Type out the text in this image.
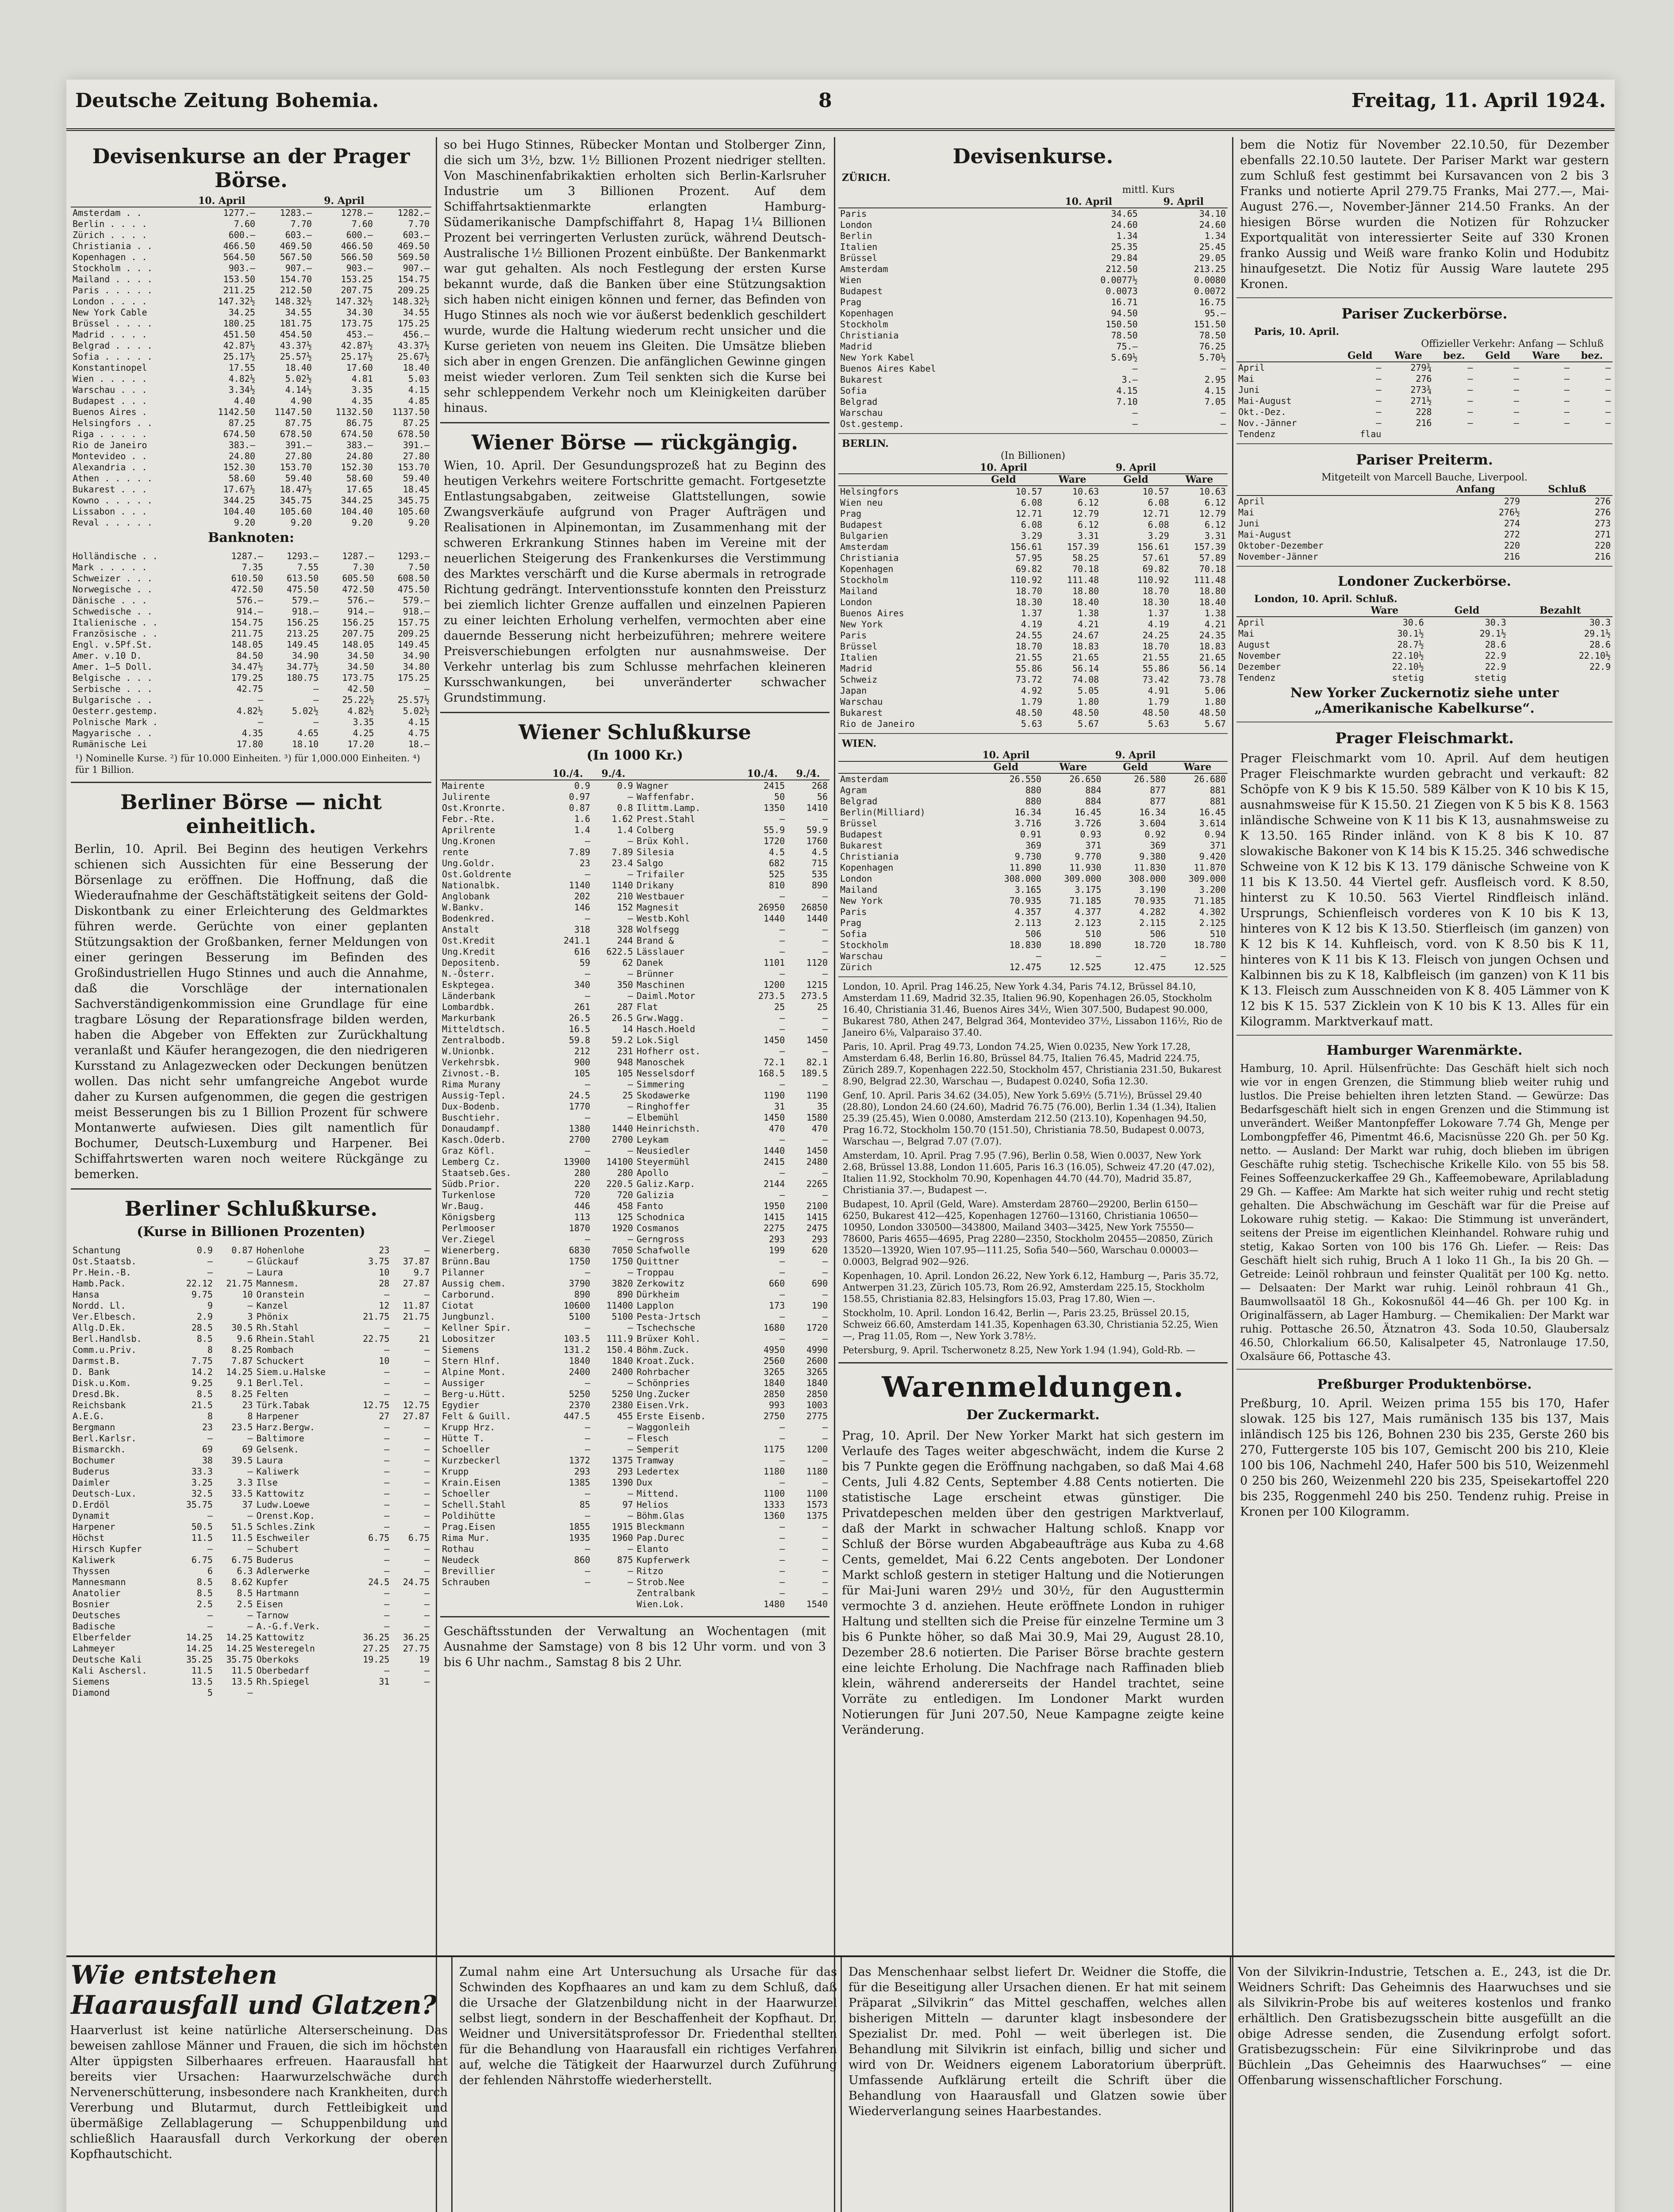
Deutsche Zeitung Bohemia.	8	Freitag, 11. April 1924.
Devisenkurse an der Prager Börse.
	10. April		9. April	
Amsterdam . .	1277.—	1283.—	1278.—	1282.—
Berlin . . . .	7.60	7.70	7.60	7.70
Zürich . . . .	600.—	603.—	600.—	603.—
Christiania . .	466.50	469.50	466.50	469.50
Kopenhagen . .	564.50	567.50	566.50	569.50
Stockholm . . .	903.—	907.—	903.—	907.—
Mailand . . . .	153.50	154.70	153.25	154.75
Paris . . . . .	211.25	212.50	207.75	209.25
London . . . .	147.32½	148.32½	147.32½	148.32½
New York Cable	34.25	34.55	34.30	34.55
Brüssel . . . .	180.25	181.75	173.75	175.25
Madrid . . . .	451.50	454.50	453.—	456.—
Belgrad . . . .	42.87½	43.37½	42.87½	43.37½
Sofia . . . . .	25.17½	25.57½	25.17½	25.67½
Konstantinopel	17.55	18.40	17.60	18.40
Wien . . . . .	4.82½	5.02½	4.81	5.03
Warschau . . .	3.34½	4.14½	3.35	4.15
Budapest . . .	4.40	4.90	4.35	4.85
Buenos Aires .	1142.50	1147.50	1132.50	1137.50
Helsingfors . .	87.25	87.75	86.75	87.25
Riga . . . . .	674.50	678.50	674.50	678.50
Rio de Janeiro	383.—	391.—	383.—	391.—
Montevideo . .	24.80	27.80	24.80	27.80
Alexandria . .	152.30	153.70	152.30	153.70
Athen . . . . .	58.60	59.40	58.60	59.40
Bukarest . . .	17.67½	18.47½	17.65	18.45
Kowno . . . . .	344.25	345.75	344.25	345.75
Lissabon . . .	104.40	105.60	104.40	105.60
Reval . . . . .	9.20	9.20	9.20	9.20
Banknoten:
Holländische . .	1287.—	1293.—	1287.—	1293.—
Mark . . . . .	7.35	7.55	7.30	7.50
Schweizer . . .	610.50	613.50	605.50	608.50
Norwegische . .	472.50	475.50	472.50	475.50
Dänische . . .	576.—	579.—	576.—	579.—
Schwedische . .	914.—	918.—	914.—	918.—
Italienische . .	154.75	156.25	156.25	157.75
Französische . .	211.75	213.25	207.75	209.25
Engl. v.5Pf.St.	148.05	149.45	148.05	149.45
Amer. v.10 D.	84.50	34.90	34.50	34.90
Amer. 1—5 Doll.	34.47½	34.77½	34.50	34.80
Belgische . . .	179.25	180.75	173.75	175.25
Serbische . . .	42.75	—	42.50	—
Bulgarische . .	—	—	25.22½	25.57½
Oesterr.gestemp.	4.82½	5.02½	4.82½	5.02½
Polnische Mark .	—	—	3.35	4.15
Magyarische . .	4.35	4.65	4.25	4.75
Rumänische Lei	17.80	18.10	17.20	18.—
¹) Nominelle Kurse. ²) für 10.000 Einheiten. ³) für 1,000.000 Einheiten. ⁴) für 1 Billion.
Berliner Börse — nicht einheitlich.
Berlin, 10. April. Bei Beginn des heutigen Verkehrs schienen sich Aussichten für eine Besserung der Börsenlage zu eröffnen. Die Hoffnung, daß die Wiederaufnahme der Geschäftstätigkeit seitens der Gold-Diskontbank zu einer Erleichterung des Geldmarktes führen werde. Gerüchte von einer geplanten Stützungsaktion der Großbanken, ferner Meldungen von einer geringen Besserung im Befinden des Großindustriellen Hugo Stinnes und auch die Annahme, daß die Vorschläge der internationalen Sachverständigenkommission eine Grundlage für eine tragbare Lösung der Reparationsfrage bilden werden, haben die Abgeber von Effekten zur Zurückhaltung veranlaßt und Käufer herangezogen, die den niedrigeren Kursstand zu Anlagezwecken oder Deckungen benützen wollen. Das nicht sehr umfangreiche Angebot wurde daher zu Kursen aufgenommen, die gegen die gestrigen meist Besserungen bis zu 1 Billion Prozent für schwere Montanwerte aufwiesen. Dies gilt namentlich für Bochumer, Deutsch-Luxemburg und Harpener. Bei Schiffahrtswerten waren noch weitere Rückgänge zu bemerken.
Berliner Schlußkurse.
(Kurse in Billionen Prozenten)
Schantung	0.9	0.87	Hohenlohe	23	—
Ost.Staatsb.	—	—	Glückauf	3.75	37.87
Pr.Hein.-B.	—	—	Laura	10	9.7
Hamb.Pack.	22.12	21.75	Mannesm.	28	27.87
Hansa	9.75	10	Oranstein	—	—
Nordd. Ll.	9	—	Kanzel	12	11.87
Ver.Elbesch.	2.9	3	Phönix	21.75	21.75
Allg.D.Ek.	28.5	30.5	Rh.Stahl	—	—
Berl.Handlsb.	8.5	9.6	Rhein.Stahl	22.75	21
Comm.u.Priv.	8	8.25	Rombach	—	—
Darmst.B.	7.75	7.87	Schuckert	10	—
D. Bank	14.2	14.25	Siem.u.Halske	—	—
Disk.u.Kom.	9.25	9.1	Berl.Tel.	—	—
Dresd.Bk.	8.5	8.25	Felten	—	—
Reichsbank	21.5	23	Türk.Tabak	12.75	12.75
A.E.G.	8	8	Harpener	27	27.87
Bergmann	23	23.5	Harz.Bergw.	—	—
Berl.Karlsr.	—	—	Baltimore	—	—
Bismarckh.	69	69	Gelsenk.	—	—
Bochumer	38	39.5	Laura	—	—
Buderus	33.3	—	Kaliwerk	—	—
Daimler	3.25	3.3	Ilse	—	—
Deutsch-Lux.	32.5	33.5	Kattowitz	—	—
D.Erdöl	35.75	37	Ludw.Loewe	—	—
Dynamit	—	—	Orenst.Kop.	—	—
Harpener	50.5	51.5	Schles.Zink	—	—
Höchst	11.5	11.5	Eschweiler	6.75	6.75
Hirsch Kupfer	—	—	Schubert	—	—
Kaliwerk	6.75	6.75	Buderus	—	—
Thyssen	6	6.3	Adlerwerke	—	—
Mannesmann	8.5	8.62	Kupfer	24.5	24.75
Anatolier	8.5	8.5	Hartmann	—	—
Bosnier	2.5	2.5	Eisen	—	—
Deutsches	—	—	Tarnow	—	—
Badische	—	—	A.-G.f.Verk.	—	—
Elberfelder	14.25	14.25	Kattowitz	36.25	36.25
Lahmeyer	14.25	14.25	Westeregeln	27.25	27.75
Deutsche Kali	35.25	35.75	Oberkoks	19.25	19
Kali Aschersl.	11.5	11.5	Oberbedarf	—	—
Siemens	13.5	13.5	Rh.Spiegel	31	—
Diamond	5	—			
so bei Hugo Stinnes, Rübecker Montan und Stolberger Zinn, die sich um 3½, bzw. 1½ Billionen Prozent niedriger stellten. Von Maschinenfabrikaktien erholten sich Berlin-Karlsruher Industrie um 3 Billionen Prozent. Auf dem Schiffahrtsaktienmarkte erlangten Hamburg-Südamerikanische Dampfschiffahrt 8, Hapag 1¼ Billionen Prozent bei verringerten Verlusten zurück, während Deutsch-Australische 1½ Billionen Prozent einbüßte. Der Bankenmarkt war gut gehalten. Als noch Festlegung der ersten Kurse bekannt wurde, daß die Banken über eine Stützungsaktion sich haben nicht einigen können und ferner, das Befinden von Hugo Stinnes als noch wie vor äußerst bedenklich geschildert wurde, wurde die Haltung wiederum recht unsicher und die Kurse gerieten von neuem ins Gleiten. Die Umsätze blieben sich aber in engen Grenzen. Die anfänglichen Gewinne gingen meist wieder verloren. Zum Teil senkten sich die Kurse bei sehr schleppendem Verkehr noch um Kleinigkeiten darüber hinaus.
Wiener Börse — rückgängig.
Wien, 10. April. Der Gesundungsprozeß hat zu Beginn des heutigen Verkehrs weitere Fortschritte gemacht. Fortgesetzte Entlastungsabgaben, zeitweise Glattstellungen, sowie Zwangsverkäufe aufgrund von Prager Aufträgen und Realisationen in Alpinemontan, im Zusammenhang mit der schweren Erkrankung Stinnes haben im Vereine mit der neuerlichen Steigerung des Frankenkurses die Verstimmung des Marktes verschärft und die Kurse abermals in retrograde Richtung gedrängt. Interventionsstufe konnten den Preissturz bei ziemlich lichter Grenze auffallen und einzelnen Papieren zu einer leichten Erholung verhelfen, vermochten aber eine dauernde Besserung nicht herbeizuführen; mehrere weitere Preisverschiebungen erfolgten nur ausnahmsweise. Der Verkehr unterlag bis zum Schlusse mehrfachen kleineren Kursschwankungen, bei unveränderter schwacher Grundstimmung.
Wiener Schlußkurse
(In 1000 Kr.)
	10./4.	9./4.		10./4.	9./4.
Mairente	0.9	0.9	Wagner	2415	268
Julirente	0.97	—	Waffenfabr.	50	56
Ost.Kronrte.	0.87	0.8	Ilittm.Lamp.	1350	1410
Febr.-Rte.	1.6	1.62	Prest.Stahl	—	—
Aprilrente	1.4	1.4	Colberg	55.9	59.9
Ung.Kronen	—	—	Brüx Kohl.	1720	1760
rente	7.89	7.89	Silesia	4.5	4.5
Ung.Goldr.	23	23.4	Salgo	682	715
Ost.Goldrente	—	—	Trifailer	525	535
Nationalbk.	1140	1140	Drikany	810	890
Anglobank	202	210	Westbauer	—	—
W.Bankv.	146	152	Magnesit	26950	26850
Bodenkred.	—	—	Westb.Kohl	1440	1440
Anstalt	318	328	Wolfsegg	—	—
Ost.Kredit	241.1	244	Brand &	—	—
Ung.Kredit	616	622.5	Lässlauer	—	—
Depositenb.	59	62	Danek	1101	1120
N.-Österr.	—	—	Brünner	—	—
Eskptegea.	340	350	Maschinen	1200	1215
Länderbank	—	—	Daiml.Motor	273.5	273.5
Lombardbk.	261	287	Flat	25	25
Markurbank	26.5	26.5	Grw.Wagg.	—	—
Mitteldtsch.	16.5	14	Hasch.Hoeld	—	—
Zentralbodb.	59.8	59.2	Lok.Sigl	1450	1450
W.Unionbk.	212	231	Hofherr ost.	—	—
Verkehrsbk.	900	948	Manoschek	72.1	82.1
Zivnost.-B.	105	105	Nesselsdorf	168.5	189.5
Rima Murany	—	—	Simmering	—	—
Aussig-Tepl.	24.5	25	Skodawerke	1190	1190
Dux-Bodenb.	1770	—	Ringhoffer	31	35
Buschtiehr.	—	—	Elbemühl	1450	1580
Donaudampf.	1380	1440	Heinrichsth.	470	470
Kasch.Oderb.	2700	2700	Leykam	—	—
Graz Köfl.	—	—	Neusiedler	1440	1450
Lemberg Cz.	13900	14100	Steyermühl	2415	2480
Staatseb.Ges.	280	280	Apollo	—	—
Südb.Prior.	220	220.5	Galiz.Karp.	2144	2265
Turkenlose	720	720	Galizia	—	—
Wr.Baug.	446	458	Fanto	1950	2100
Königsberg	113	125	Schodnica	1415	1415
Perlmooser	1870	1920	Cosmanos	2275	2475
Ver.Ziegel	—	—	Gerngross	293	293
Wienerberg.	6830	7050	Schafwolle	199	620
Brünn.Bau	1750	1750	Quittner	—	—
Pilanner	—	—	Troppau	—	—
Aussig chem.	3790	3820	Zerkowitz	660	690
Carborund.	890	890	Dürkheim	—	—
Ciotat	10600	11400	Lapplon	173	190
Jungbunzl.	5100	5100	Pesta-Jrtsch	—	—
Kellner Spir.	—	—	Tschechsche	1680	1720
Lobositzer	103.5	111.9	Brüxer Kohl.	—	—
Siemens	131.2	150.4	Böhm.Zuck.	4950	4990
Stern Hlnf.	1840	1840	Kroat.Zuck.	2560	2600
Alpine Mont.	2400	2400	Rohrbacher	3265	3265
Aussiger	—	—	Schönpries	1840	1840
Berg-u.Hütt.	5250	5250	Ung.Zucker	2850	2850
Egydier	2370	2380	Eisen.Vrk.	993	1003
Felt & Guill.	447.5	455	Erste Eisenb.	2750	2775
Krupp Hrz.	—	—	Waggonleih	—	—
Hütte T.	—	—	Flesch	—	—
Schoeller	—	—	Semperit	1175	1200
Kurzbeckerl	1372	1375	Tramway	—	—
Krupp	293	293	Ledertex	1180	1180
Krain.Eisen	1385	1390	Dux	—	—
Schoeller	—	—	Mittend.	1100	1100
Schell.Stahl	85	97	Helios	1333	1573
Poldihütte	—	—	Böhm.Glas	1360	1375
Prag.Eisen	1855	1915	Bleckmann	—	—
Rima Mur.	1935	1960	Pap.Durec	—	—
Rothau	—	—	Elanto	—	—
Neudeck	860	875	Kupferwerk	—	—
Brevillier	—	—	Ritzo	—	—
Schrauben	—	—	Strob.Nee	—	—
			Zentralbank	—	—
			Wien.Lok.	1480	1540
Geschäftsstunden der Verwaltung an Wochentagen (mit Ausnahme der Samstage) von 8 bis 12 Uhr vorm. und von 3 bis 6 Uhr nachm., Samstag 8 bis 2 Uhr.
Devisenkurse.
ZÜRICH.
mittl. Kurs
	10. April	9. April
Paris	34.65	34.10
London	24.60	24.60
Berlin	1.34	1.34
Italien	25.35	25.45
Brüssel	29.84	29.05
Amsterdam	212.50	213.25
Wien	0.0077½	0.0080
Budapest	0.0073	0.0072
Prag	16.71	16.75
Kopenhagen	94.50	95.—
Stockholm	150.50	151.50
Christiania	78.50	78.50
Madrid	75.—	76.25
New York Kabel	5.69½	5.70½
Buenos Aires Kabel	—	—
Bukarest	3.—	2.95
Sofia	4.15	4.15
Belgrad	7.10	7.05
Warschau	—	—
Ost.gestemp.	—	—
BERLIN.
(In Billionen)
	10. April		9. April	
	Geld	Ware	Geld	Ware
Helsingfors	10.57	10.63	10.57	10.63
Wien neu	6.08	6.12	6.08	6.12
Prag	12.71	12.79	12.71	12.79
Budapest	6.08	6.12	6.08	6.12
Bulgarien	3.29	3.31	3.29	3.31
Amsterdam	156.61	157.39	156.61	157.39
Christiania	57.95	58.25	57.61	57.89
Kopenhagen	69.82	70.18	69.82	70.18
Stockholm	110.92	111.48	110.92	111.48
Mailand	18.70	18.80	18.70	18.80
London	18.30	18.40	18.30	18.40
Buenos Aires	1.37	1.38	1.37	1.38
New York	4.19	4.21	4.19	4.21
Paris	24.55	24.67	24.25	24.35
Brüssel	18.70	18.83	18.70	18.83
Italien	21.55	21.65	21.55	21.65
Madrid	55.86	56.14	55.86	56.14
Schweiz	73.72	74.08	73.42	73.78
Japan	4.92	5.05	4.91	5.06
Warschau	1.79	1.80	1.79	1.80
Bukarest	48.50	48.50	48.50	48.50
Rio de Janeiro	5.63	5.67	5.63	5.67
WIEN.
	10. April		9. April	
	Geld	Ware	Geld	Ware
Amsterdam	26.550	26.650	26.580	26.680
Agram	880	884	877	881
Belgrad	880	884	877	881
Berlin(Milliard)	16.34	16.45	16.34	16.45
Brüssel	3.716	3.726	3.604	3.614
Budapest	0.91	0.93	0.92	0.94
Bukarest	369	371	369	371
Christiania	9.730	9.770	9.380	9.420
Kopenhagen	11.890	11.930	11.830	11.870
London	308.000	309.000	308.000	309.000
Mailand	3.165	3.175	3.190	3.200
New York	70.935	71.185	70.935	71.185
Paris	4.357	4.377	4.282	4.302
Prag	2.113	2.123	2.115	2.125
Sofia	506	510	506	510
Stockholm	18.830	18.890	18.720	18.780
Warschau	—	—	—	—
Zürich	12.475	12.525	12.475	12.525
London, 10. April. Prag 146.25, New York 4.34, Paris 74.12, Brüssel 84.10, Amsterdam 11.69, Madrid 32.35, Italien 96.90, Kopenhagen 26.05, Stockholm 16.40, Christiania 31.46, Buenos Aires 34½, Wien 307.500, Budapest 90.000, Bukarest 780, Athen 247, Belgrad 364, Montevideo 37½, Lissabon 116½, Rio de Janeiro 6⅛, Valparaiso 37.40.
Paris, 10. April. Prag 49.73, London 74.25, Wien 0.0235, New York 17.28, Amsterdam 6.48, Berlin 16.80, Brüssel 84.75, Italien 76.45, Madrid 224.75, Zürich 289.7, Kopenhagen 222.50, Stockholm 457, Christiania 231.50, Bukarest 8.90, Belgrad 22.30, Warschau —, Budapest 0.0240, Sofia 12.30.
Genf, 10. April. Paris 34.62 (34.05), New York 5.69½ (5.71½), Brüssel 29.40 (28.80), London 24.60 (24.60), Madrid 76.75 (76.00), Berlin 1.34 (1.34), Italien 25.39 (25.45), Wien 0.0080, Amsterdam 212.50 (213.10), Kopenhagen 94.50, Prag 16.72, Stockholm 150.70 (151.50), Christiania 78.50, Budapest 0.0073, Warschau —, Belgrad 7.07 (7.07).
Amsterdam, 10. April. Prag 7.95 (7.96), Berlin 0.58, Wien 0.0037, New York 2.68, Brüssel 13.88, London 11.605, Paris 16.3 (16.05), Schweiz 47.20 (47.02), Italien 11.92, Stockholm 70.90, Kopenhagen 44.70 (44.70), Madrid 35.87, Christiania 37.—, Budapest —.
Budapest, 10. April (Geld, Ware). Amsterdam 28760—29200, Berlin 6150—6250, Bukarest 412—425, Kopenhagen 12760—13160, Christiania 10650—10950, London 330500—343800, Mailand 3403—3425, New York 75550—78600, Paris 4655—4695, Prag 2280—2350, Stockholm 20455—20850, Zürich 13520—13920, Wien 107.95—111.25, Sofia 540—560, Warschau 0.00003—0.0003, Belgrad 902—926.
Kopenhagen, 10. April. London 26.22, New York 6.12, Hamburg —, Paris 35.72, Antwerpen 31.23, Zürich 105.73, Rom 26.92, Amsterdam 225.15, Stockholm 158.55, Christiania 82.83, Helsingfors 15.03, Prag 17.80, Wien —.
Stockholm, 10. April. London 16.42, Berlin —, Paris 23.25, Brüssel 20.15, Schweiz 66.60, Amsterdam 141.35, Kopenhagen 63.30, Christiania 52.25, Wien —, Prag 11.05, Rom —, New York 3.78½.
Petersburg, 9. April. Tscherwonetz 8.25, New York 1.94 (1.94), Gold-Rb. —
Warenmeldungen.
Der Zuckermarkt.
Prag, 10. April. Der New Yorker Markt hat sich gestern im Verlaufe des Tages weiter abgeschwächt, indem die Kurse 2 bis 7 Punkte gegen die Eröffnung nachgaben, so daß Mai 4.68 Cents, Juli 4.82 Cents, September 4.88 Cents notierten. Die statistische Lage erscheint etwas günstiger. Die Privatdepeschen melden über den gestrigen Marktverlauf, daß der Markt in schwacher Haltung schloß. Knapp vor Schluß der Börse wurden Abgabeaufträge aus Kuba zu 4.68 Cents, gemeldet, Mai 6.22 Cents angeboten. Der Londoner Markt schloß gestern in stetiger Haltung und die Notierungen für Mai-Juni waren 29½ und 30½, für den Augusttermin vermochte 3 d. anziehen. Heute eröffnete London in ruhiger Haltung und stellten sich die Preise für einzelne Termine um 3 bis 6 Punkte höher, so daß Mai 30.9, Mai 29, August 28.10, Dezember 28.6 notierten. Die Pariser Börse brachte gestern eine leichte Erholung. Die Nachfrage nach Raffinaden blieb klein, während andererseits der Handel trachtet, seine Vorräte zu entledigen. Im Londoner Markt wurden Notierungen für Juni 207.50, Neue Kampagne zeigte keine Veränderung.
bem die Notiz für November 22.10.50, für Dezember ebenfalls 22.10.50 lautete. Der Pariser Markt war gestern zum Schluß fest gestimmt bei Kursavancen von 2 bis 3 Franks und notierte April 279.75 Franks, Mai 277.—, Mai-August 276.—, November-Jänner 214.50 Franks. An der hiesigen Börse wurden die Notizen für Rohzucker Exportqualität von interessierter Seite auf 330 Kronen franko Aussig und Weiß ware franko Kolin und Hodubitz hinaufgesetzt. Die Notiz für Aussig Ware lautete 295 Kronen.
Pariser Zuckerbörse.
Paris, 10. April.
Offizieller Verkehr: Anfang — Schluß
	Geld	Ware	bez.	Geld	Ware	bez.
April	—	279¾	—	—	—	—
Mai	—	276	—	—	—	—
Juni	—	273¾	—	—	—	—
Mai-August	—	271½	—	—	—	—
Okt.-Dez.	—	228	—	—	—	—
Nov.-Jänner	—	216	—	—	—	—
Tendenz	flau					
Pariser Preiterm.
Mitgeteilt von Marcell Bauche, Liverpool.
	Anfang	Schluß
April	279	276
Mai	276½	276
Juni	274	273
Mai-August	272	271
Oktober-Dezember	220	220
November-Jänner	216	216
Londoner Zuckerbörse.
London, 10. April. Schluß.
	Ware	Geld	Bezahlt
April	30.6	30.3	30.3
Mai	30.1½	29.1½	29.1½
August	28.7½	28.6	28.6
November	22.10½	22.9	22.10½
Dezember	22.10½	22.9	22.9
Tendenz	stetig	stetig	
New Yorker Zuckernotiz siehe unter „Amerikanische Kabelkurse“.
Prager Fleischmarkt.
Prager Fleischmarkt vom 10. April. Auf dem heutigen Prager Fleischmarkte wurden gebracht und verkauft: 82 Schöpfe von K 9 bis K 15.50. 589 Kälber von K 10 bis K 15, ausnahmsweise für K 15.50. 21 Ziegen von K 5 bis K 8. 1563 inländische Schweine von K 11 bis K 13, ausnahmsweise zu K 13.50. 165 Rinder inländ. von K 8 bis K 10. 87 slowakische Bakoner von K 14 bis K 15.25. 346 schwedische Schweine von K 12 bis K 13. 179 dänische Schweine von K 11 bis K 13.50. 44 Viertel gefr. Ausfleisch vord. K 8.50, hinterst zu K 10.50. 563 Viertel Rindfleisch inländ. Ursprungs, Schienfleisch vorderes von K 10 bis K 13, hinteres von K 12 bis K 13.50. Stierfleisch (im ganzen) von K 12 bis K 14. Kuhfleisch, vord. von K 8.50 bis K 11, hinteres von K 11 bis K 13. Fleisch von jungen Ochsen und Kalbinnen bis zu K 18, Kalbfleisch (im ganzen) von K 11 bis K 13. Fleisch zum Ausschneiden von K 8. 405 Lämmer von K 12 bis K 15. 537 Zicklein von K 10 bis K 13. Alles für ein Kilogramm. Marktverkauf matt.
Hamburger Warenmärkte.
Hamburg, 10. April. Hülsenfrüchte: Das Geschäft hielt sich noch wie vor in engen Grenzen, die Stimmung blieb weiter ruhig und lustlos. Die Preise behielten ihren letzten Stand. — Gewürze: Das Bedarfsgeschäft hielt sich in engen Grenzen und die Stimmung ist unverändert. Weißer Mantonpfeffer Lokoware 7.74 Gh, Menge per Lombongpfeffer 46, Pimentmt 46.6, Macisnüsse 220 Gh. per 50 Kg. netto. — Ausland: Der Markt war ruhig, doch blieben im übrigen Geschäfte ruhig stetig. Tschechische Krikelle Kilo. von 55 bis 58. Feines Soffeenzuckerkaffee 29 Gh., Kaffeemobeware, Aprilabladung 29 Gh. — Kaffee: Am Markte hat sich weiter ruhig und recht stetig gehalten. Die Abschwächung im Geschäft war für die Preise auf Lokoware ruhig stetig. — Kakao: Die Stimmung ist unverändert, seitens der Preise im eigentlichen Kleinhandel. Rohware ruhig und stetig, Kakao Sorten von 100 bis 176 Gh. Liefer. — Reis: Das Geschäft hielt sich ruhig, Bruch A 1 loko 11 Gh., Ia bis 20 Gh. — Getreide: Leinöl rohbraun und feinster Qualität per 100 Kg. netto. — Delsaaten: Der Markt war ruhig. Leinöl rohbraun 41 Gh., Baumwollsaatöl 18 Gh., Kokosnußöl 44—46 Gh. per 100 Kg. in Originalfässern, ab Lager Hamburg. — Chemikalien: Der Markt war ruhig. Pottasche 26.50, Ätznatron 43. Soda 10.50, Glaubersalz 46.50, Chlorkalium 66.50, Kalisalpeter 45, Natronlauge 17.50, Oxalsäure 66, Pottasche 43.
Preßburger Produktenbörse.
Preßburg, 10. April. Weizen prima 155 bis 170, Hafer slowak. 125 bis 127, Mais rumänisch 135 bis 137, Mais inländisch 125 bis 126, Bohnen 230 bis 235, Gerste 260 bis 270, Futtergerste 105 bis 107, Gemischt 200 bis 210, Kleie 100 bis 106, Nachmehl 240, Hafer 500 bis 510, Weizenmehl 0 250 bis 260, Weizenmehl 220 bis 235, Speisekartoffel 220 bis 235, Roggenmehl 240 bis 250. Tendenz ruhig. Preise in Kronen per 100 Kilogramm.
Wie entstehen Haarausfall und Glatzen?
Haarverlust ist keine natürliche Alterserscheinung. Das beweisen zahllose Männer und Frauen, die sich im höchsten Alter üppigsten Silberhaares erfreuen. Haarausfall hat bereits vier Ursachen: Haarwurzelschwäche durch Nervenerschütterung, insbesondere nach Krankheiten, durch Vererbung und Blutarmut, durch Fettleibigkeit und übermäßige Zellablagerung — Schuppenbildung und schließlich Haarausfall durch Verkorkung der oberen Kopfhautschicht.
Zumal nahm eine Art Untersuchung als Ursache für das Schwinden des Kopfhaares an und kam zu dem Schluß, daß die Ursache der Glatzenbildung nicht in der Haarwurzel selbst liegt, sondern in der Beschaffenheit der Kopfhaut. Dr. Weidner und Universitätsprofessor Dr. Friedenthal stellten für die Behandlung von Haarausfall ein richtiges Verfahren auf, welche die Tätigkeit der Haarwurzel durch Zuführung der fehlenden Nährstoffe wiederherstellt.
Das Menschenhaar selbst liefert Dr. Weidner die Stoffe, die für die Beseitigung aller Ursachen dienen. Er hat mit seinem Präparat „Silvikrin“ das Mittel geschaffen, welches allen bisherigen Mitteln — darunter klagt insbesondere der Spezialist Dr. med. Pohl — weit überlegen ist. Die Behandlung mit Silvikrin ist einfach, billig und sicher und wird von Dr. Weidners eigenem Laboratorium überprüft. Umfassende Aufklärung erteilt die Schrift über die Behandlung von Haarausfall und Glatzen sowie über Wiederverlangung seines Haarbestandes.
Von der Silvikrin-Industrie, Tetschen a. E., 243, ist die Dr. Weidners Schrift: Das Geheimnis des Haarwuchses und sie als Silvikrin-Probe bis auf weiteres kostenlos und franko erhältlich. Den Gratisbezugsschein bitte ausgefüllt an die obige Adresse senden, die Zusendung erfolgt sofort. Gratisbezugsschein: Für eine Silvikrinprobe und das Büchlein „Das Geheimnis des Haarwuchses“ — eine Offenbarung wissenschaftlicher Forschung.
